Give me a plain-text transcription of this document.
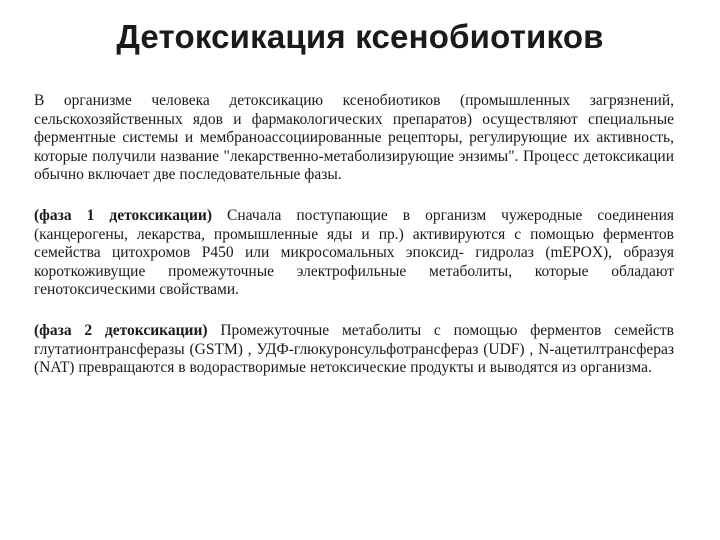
Детоксикация ксенобиотиков

В организме человека детоксикацию ксенобиотиков (промышленных загрязнений, сельскохозяйственных ядов и фармакологических препаратов) осуществляют специальные ферментные системы и мембраноассоциированные рецепторы, регулирующие их активность, которые получили название "лекарственно-метаболизирующие энзимы". Процесс детоксикации обычно включает две последовательные фазы.

(фаза 1 детоксикации) Сначала поступающие в организм чужеродные соединения (канцерогены, лекарства, промышленные яды и пр.) активируются с помощью ферментов семейства цитохромов Р450 или микросомальных эпоксид- гидролаз (mEPOX), образуя короткоживущие промежуточные электрофильные метаболиты, которые обладают генотоксическими свойствами.

(фаза 2 детоксикации) Промежуточные метаболиты с помощью ферментов семейств глутатионтрансферазы (GSTM) , УДФ-глюкуронсульфотрансфераз (UDF) , N-ацетилтрансфераз (NAT) превращаются в водорастворимые нетоксические продукты и выводятся из организма.
